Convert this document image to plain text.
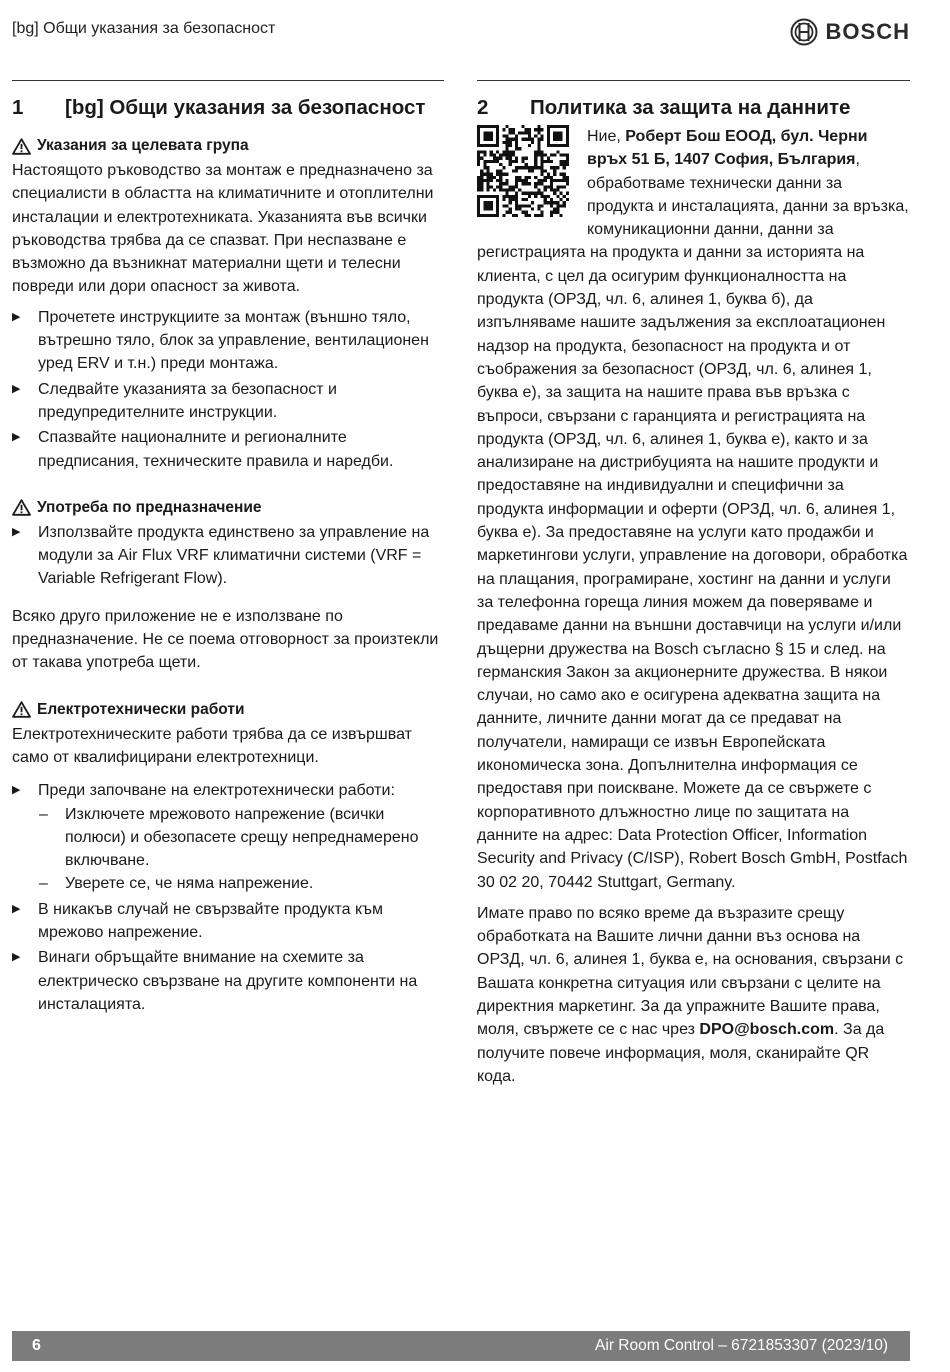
[bg] Общи указания за безопасност	BOSCH
1	[bg] Общи указания за безопасност
Указания за целевата група

Настоящото ръководство за монтаж е предназначено за специалисти в областта на климатичните и отоплителни инсталации и електротехниката. Указанията във всички ръководства трябва да се спазват. При неспазване е възможно да възникнат материални щети и телесни повреди или дори опасност за живота.

▶ Прочетете инструкциите за монтаж (външно тяло, вътрешно тяло, блок за управление, вентилационен уред ERV и т.н.) преди монтажа.
▶ Следвайте указанията за безопасност и предупредителните инструкции.
▶ Спазвайте националните и регионалните предписания, техническите правила и наредби.
Употреба по предназначение
▶ Използвайте продукта единствено за управление на модули за Air Flux VRF климатични системи (VRF = Variable Refrigerant Flow).

Всяко друго приложение не е използване по предназначение. Не се поема отговорност за произтекли от такава употреба щети.

Електротехнически работи

Електротехническите работи трябва да се извършват само от квалифицирани електротехници.

▶ Преди започване на електротехнически работи:
– Изключете мрежовото напрежение (всички полюси) и обезопасете срещу непреднамерено включване.
– Уверете се, че няма напрежение.
▶ В никакъв случай не свързвайте продукта към мрежово напрежение.
▶ Винаги обръщайте внимание на схемите за електрическо свързване на другите компоненти на инсталацията.
2	Политика за защита на данните

Ние, Роберт Бош ЕООД, бул. Черни връх 51 Б, 1407 София, България, обработваме технически данни за продукта и инсталацията, данни за връзка, комуникационни данни, данни за регистрацията на продукта и данни за историята на клиента, с цел да осигурим функционалността на продукта (ОРЗД, чл. 6, алинея 1, буква б), да изпълняваме нашите задължения за експлоатационен надзор на продукта, безопасност на продукта и от съображения за безопасност (ОРЗД, чл. 6, алинея 1, буква е), за защита на нашите права във връзка с въпроси, свързани с гаранцията и регистрацията на продукта (ОРЗД, чл. 6, алинея 1, буква е), както и за анализиране на дистрибуцията на нашите продукти и предоставяне на индивидуални и специфични за продукта информации и оферти (ОРЗД, чл. 6, алинея 1, буква е). За предоставяне на услуги като продажби и маркетингови услуги, управление на договори, обработка на плащания, програмиране, хостинг на данни и услуги за телефонна гореща линия можем да поверяваме и предаваме данни на външни доставчици на услуги и/или дъщерни дружества на Bosch съгласно § 15 и след. на германския Закон за акционерните дружества. В някои случаи, но само ако е осигурена адекватна защита на данните, личните данни могат да се предават на получатели, намиращи се извън Европейската икономическа зона. Допълнителна информация се предоставя при поискване. Можете да се свържете с корпоративното длъжностно лице по защитата на данните на адрес: Data Protection Officer, Information Security and Privacy (C/ISP), Robert Bosch GmbH, Postfach 30 02 20, 70442 Stuttgart, Germany.

Имате право по всяко време да възразите срещу обработката на Вашите лични данни въз основа на ОРЗД, чл. 6, алинея 1, буква е, на основания, свързани с Вашата конкретна ситуация или свързани с целите на директния маркетинг. За да упражните Вашите права, моля, свържете се с нас чрез DPO@bosch.com. За да получите повече информация, моля, сканирайте QR кода.

6	Air Room Control – 6721853307 (2023/10)
